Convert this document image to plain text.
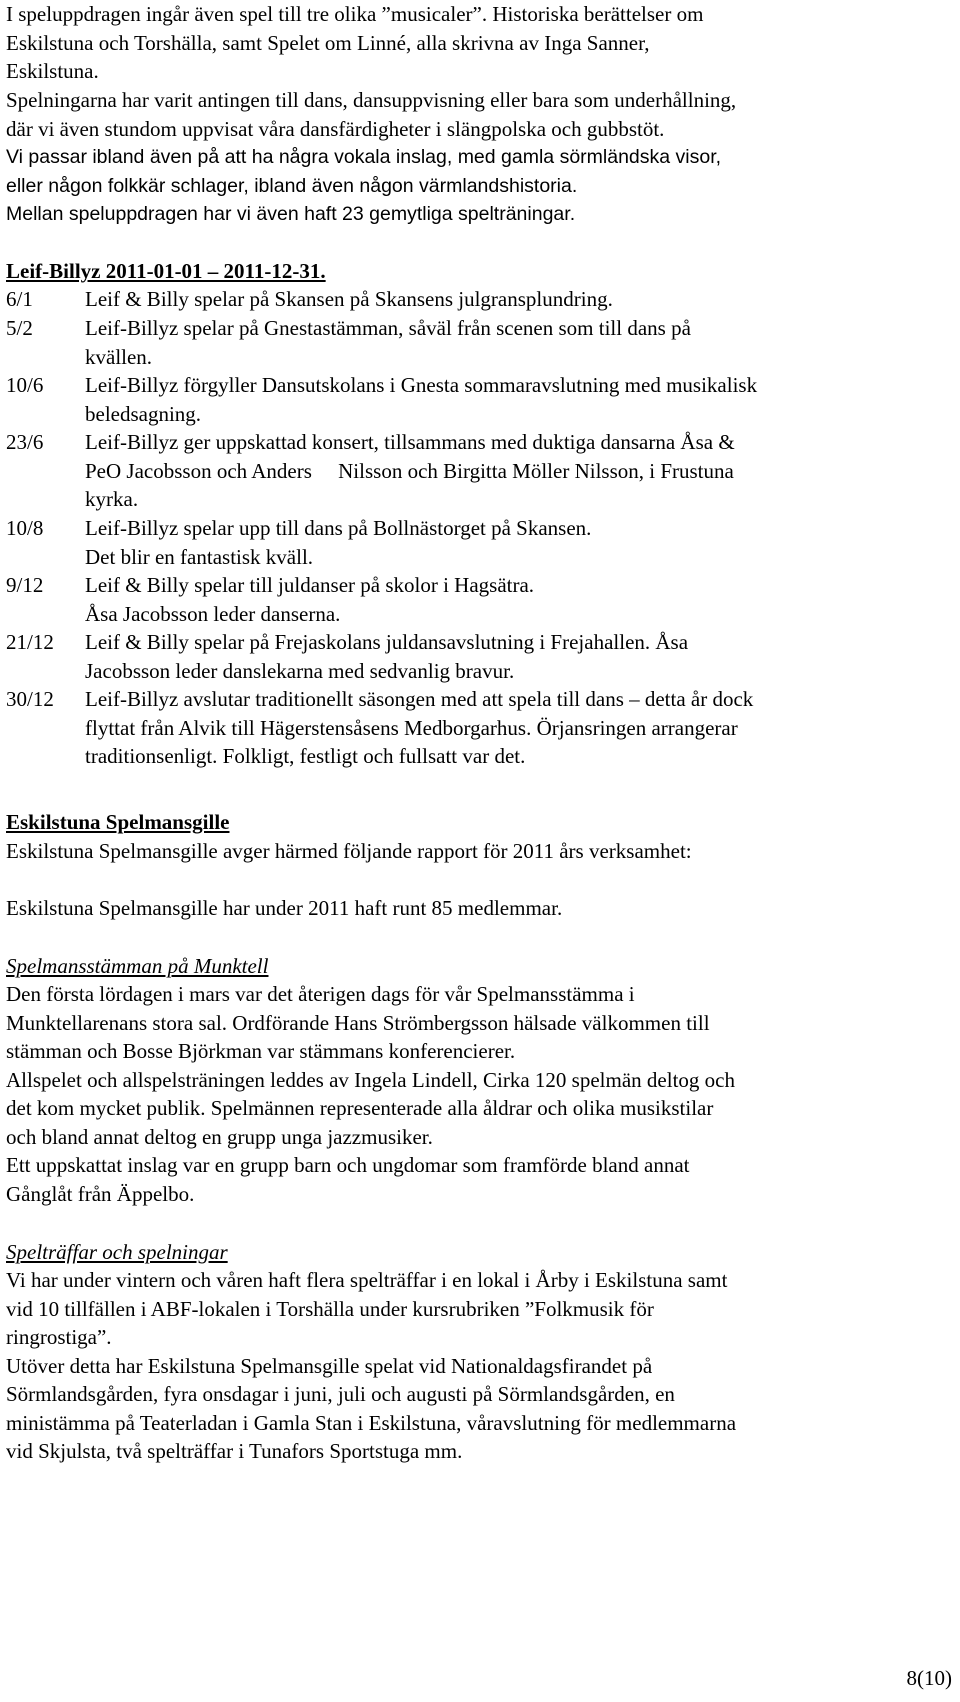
I speluppdragen ingår även spel till tre olika ”musicaler”. Historiska berättelser om
Eskilstuna och Torshälla, samt Spelet om Linné, alla skrivna av Inga Sanner,
Eskilstuna.
Spelningarna har varit antingen till dans, dansuppvisning eller bara som underhållning,
där vi även stundom uppvisat våra dansfärdigheter i slängpolska och gubbstöt.
Vi passar ibland även på att ha några vokala inslag, med gamla sörmländska visor,
eller någon folkkär schlager, ibland även någon värmlandshistoria.
Mellan speluppdragen har vi även haft 23 gemytliga spelträningar.
Leif-Billyz 2011-01-01 – 2011-12-31.
6/1 Leif & Billy spelar på Skansen på Skansens julgransplundring.
5/2 Leif-Billyz spelar på Gnestastämman, såväl från scenen som till dans på
kvällen.
10/6 Leif-Billyz förgyller Dansutskolans i Gnesta sommaravslutning med musikalisk
beledsagning.
23/6 Leif-Billyz ger uppskattad konsert, tillsammans med duktiga dansarna Åsa &
PeO Jacobsson och Anders     Nilsson och Birgitta Möller Nilsson, i Frustuna
kyrka.
10/8 Leif-Billyz spelar upp till dans på Bollnästorget på Skansen.
Det blir en fantastisk kväll.
9/12 Leif & Billy spelar till juldanser på skolor i Hagsätra.
Åsa Jacobsson leder danserna.
21/12 Leif & Billy spelar på Frejaskolans juldansavslutning i Frejahallen. Åsa
Jacobsson leder danslekarna med sedvanlig bravur.
30/12 Leif-Billyz avslutar traditionellt säsongen med att spela till dans – detta år dock
flyttat från Alvik till Hägerstensåsens Medborgarhus. Örjansringen arrangerar
traditionsenligt. Folkligt, festligt och fullsatt var det.
Eskilstuna Spelmansgille
Eskilstuna Spelmansgille avger härmed följande rapport för 2011 års verksamhet:
Eskilstuna Spelmansgille har under 2011 haft runt 85 medlemmar.
Spelmansstämman på Munktell
Den första lördagen i mars var det återigen dags för vår Spelmansstämma i
Munktellarenans stora sal. Ordförande Hans Strömbergsson hälsade välkommen till
stämman och Bosse Björkman var stämmans konferencierer.
Allspelet och allspelsträningen leddes av Ingela Lindell, Cirka 120 spelmän deltog och
det kom mycket publik. Spelmännen representerade alla åldrar och olika musikstilar
och bland annat deltog en grupp unga jazzmusiker.
Ett uppskattat inslag var en grupp barn och ungdomar som framförde bland annat
Gånglåt från Äppelbo.
Spelträffar och spelningar
Vi har under vintern och våren haft flera spelträffar i en lokal i Årby i Eskilstuna samt
vid 10 tillfällen i ABF-lokalen i Torshälla under kursrubriken ”Folkmusik för
ringrostiga”.
Utöver detta har Eskilstuna Spelmansgille spelat vid Nationaldagsfirandet på
Sörmlandsgården, fyra onsdagar i juni, juli och augusti på Sörmlandsgården, en
ministämma på Teaterladan i Gamla Stan i Eskilstuna, våravslutning för medlemmarna
vid Skjulsta, två spelträffar i Tunafors Sportstuga mm.
8(10)
